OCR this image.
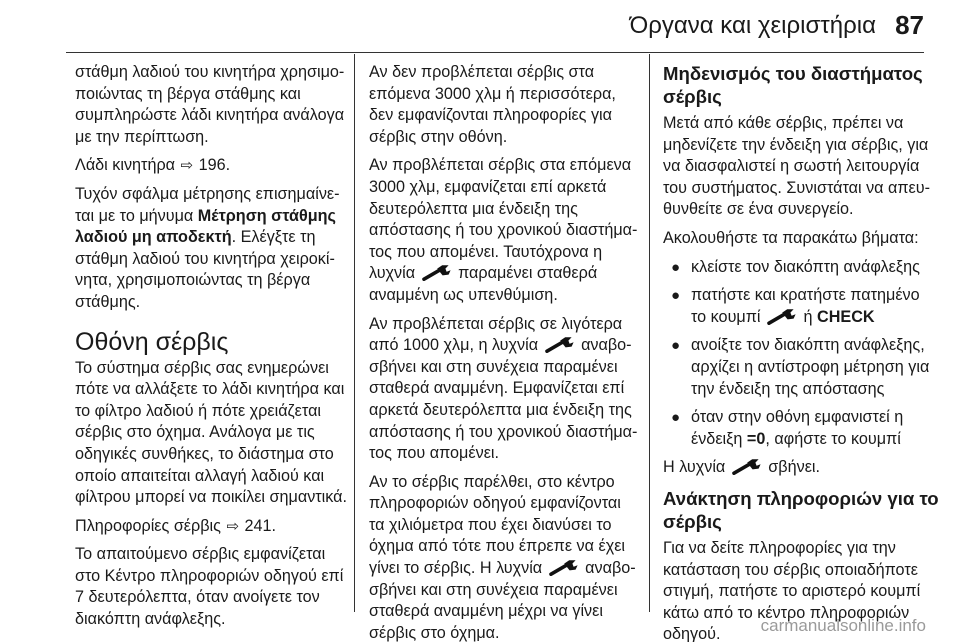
Όργανα και χειριστήρια 87
στάθμη λαδιού του κινητήρα χρησιμο-
ποιώντας τη βέργα στάθμης και
συμπληρώστε λάδι κινητήρα ανάλογα
με την περίπτωση.
Λάδι κινητήρα ⇨ 196.
Τυχόν σφάλμα μέτρησης επισημαίνε-
ται με το μήνυμα Μέτρηση στάθμης
λαδιού μη αποδεκτή. Ελέγξτε τη
στάθμη λαδιού του κινητήρα χειροκί-
νητα, χρησιμοποιώντας τη βέργα
στάθμης.
Οθόνη σέρβις
Το σύστημα σέρβις σας ενημερώνει
πότε να αλλάξετε το λάδι κινητήρα και
το φίλτρο λαδιού ή πότε χρειάζεται
σέρβις στο όχημα. Ανάλογα με τις
οδηγικές συνθήκες, το διάστημα στο
οποίο απαιτείται αλλαγή λαδιού και
φίλτρου μπορεί να ποικίλει σημαντικά.
Πληροφορίες σέρβις ⇨ 241.
Το απαιτούμενο σέρβις εμφανίζεται
στο Κέντρο πληροφοριών οδηγού επί
7 δευτερόλεπτα, όταν ανοίγετε τον
διακόπτη ανάφλεξης.
Αν δεν προβλέπεται σέρβις στα
επόμενα 3000 χλμ ή περισσότερα,
δεν εμφανίζονται πληροφορίες για
σέρβις στην οθόνη.
Αν προβλέπεται σέρβις στα επόμενα
3000 χλμ, εμφανίζεται επί αρκετά
δευτερόλεπτα μια ένδειξη της
απόστασης ή του χρονικού διαστήμα-
τος που απομένει. Ταυτόχρονα η
λυχνία	παραμένει σταθερά
αναμμένη ως υπενθύμιση.
Αν προβλέπεται σέρβις σε λιγότερα
από 1000 χλμ, η λυχνία	αναβο-
σβήνει και στη συνέχεια παραμένει
σταθερά αναμμένη. Εμφανίζεται επί
αρκετά δευτερόλεπτα μια ένδειξη της
απόστασης ή του χρονικού διαστήμα-
τος που απομένει.
Αν το σέρβις παρέλθει, στο κέντρο
πληροφοριών οδηγού εμφανίζονται
τα χιλιόμετρα που έχει διανύσει το
όχημα από τότε που έπρεπε να έχει
γίνει το σέρβις. Η λυχνία	αναβο-
σβήνει και στη συνέχεια παραμένει
σταθερά αναμμένη μέχρι να γίνει
σέρβις στο όχημα.
Μηδενισμός του διαστήματος
σέρβις
Μετά από κάθε σέρβις, πρέπει να
μηδενίζετε την ένδειξη για σέρβις, για
να διασφαλιστεί η σωστή λειτουργία
του συστήματος. Συνιστάται να απευ-
θυνθείτε σε ένα συνεργείο.
Ακολουθήστε τα παρακάτω βήματα:
● κλείστε τον διακόπτη ανάφλεξης
● πατήστε και κρατήστε πατημένο
το κουμπί	ή CHECK
● ανοίξτε τον διακόπτη ανάφλεξης,
αρχίζει η αντίστροφη μέτρηση για
την ένδειξη της απόστασης
● όταν στην οθόνη εμφανιστεί η
ένδειξη =0, αφήστε το κουμπί
Η λυχνία	σβήνει.
Ανάκτηση πληροφοριών για το
σέρβις
Για να δείτε πληροφορίες για την
κατάσταση του σέρβις οποιαδήποτε
στιγμή, πατήστε το αριστερό κουμπί
κάτω από το κέντρο πληροφοριών
οδηγού.	carmanualsonline.info
